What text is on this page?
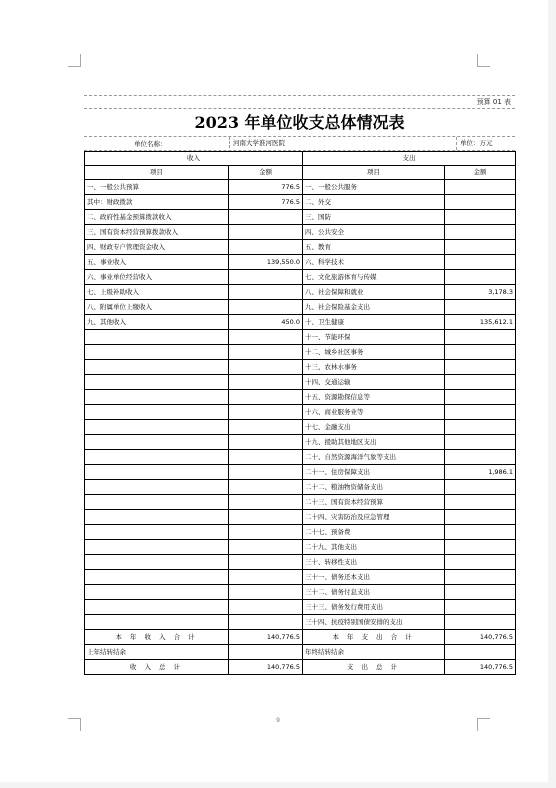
预算 01 表
2023 年单位收支总体情况表
单位名称：	河南大学淮河医院	单位：万元
收入		支出	
项目	金额	项目	金额
一、一般公共预算	776.5	一、一般公共服务	
其中：财政拨款	776.5	二、外交	
二、政府性基金预算拨款收入		三、国防	
三、国有资本经营预算拨款收入		四、公共安全	
四、财政专户管理资金收入		五、教育	
五、事业收入	139,550.0	六、科学技术	
六、事业单位经营收入		七、文化旅游体育与传媒	
七、上级补助收入		八、社会保障和就业	3,178.3
八、附属单位上缴收入		九、社会保险基金支出	
九、其他收入	450.0	十、卫生健康	135,612.1
		十一、节能环保	
		十二、城乡社区事务	
		十三、农林水事务	
		十四、交通运输	
		十五、资源勘探信息等	
		十六、商业服务业等	
		十七、金融支出	
		十九、援助其他地区支出	
		二十、自然资源海洋气象等支出	
		二十一、住房保障支出	1,986.1
		二十二、粮油物资储备支出	
		二十三、国有资本经营预算	
		二十四、灾害防治及应急管理	
		二十七、预备费	
		二十九、其他支出	
		三十、转移性支出	
		三十一、债务还本支出	
		三十二、债务付息支出	
		三十三、债务发行费用支出	
		三十四、抗疫特别国债安排的支出	
本 年 收 入 合 计	140,776.5	本 年 支 出 合 计	140,776.5
上年结转结余		年终结转结余	
收 入 总 计	140,776.5	支 出 总 计	140,776.5
9
